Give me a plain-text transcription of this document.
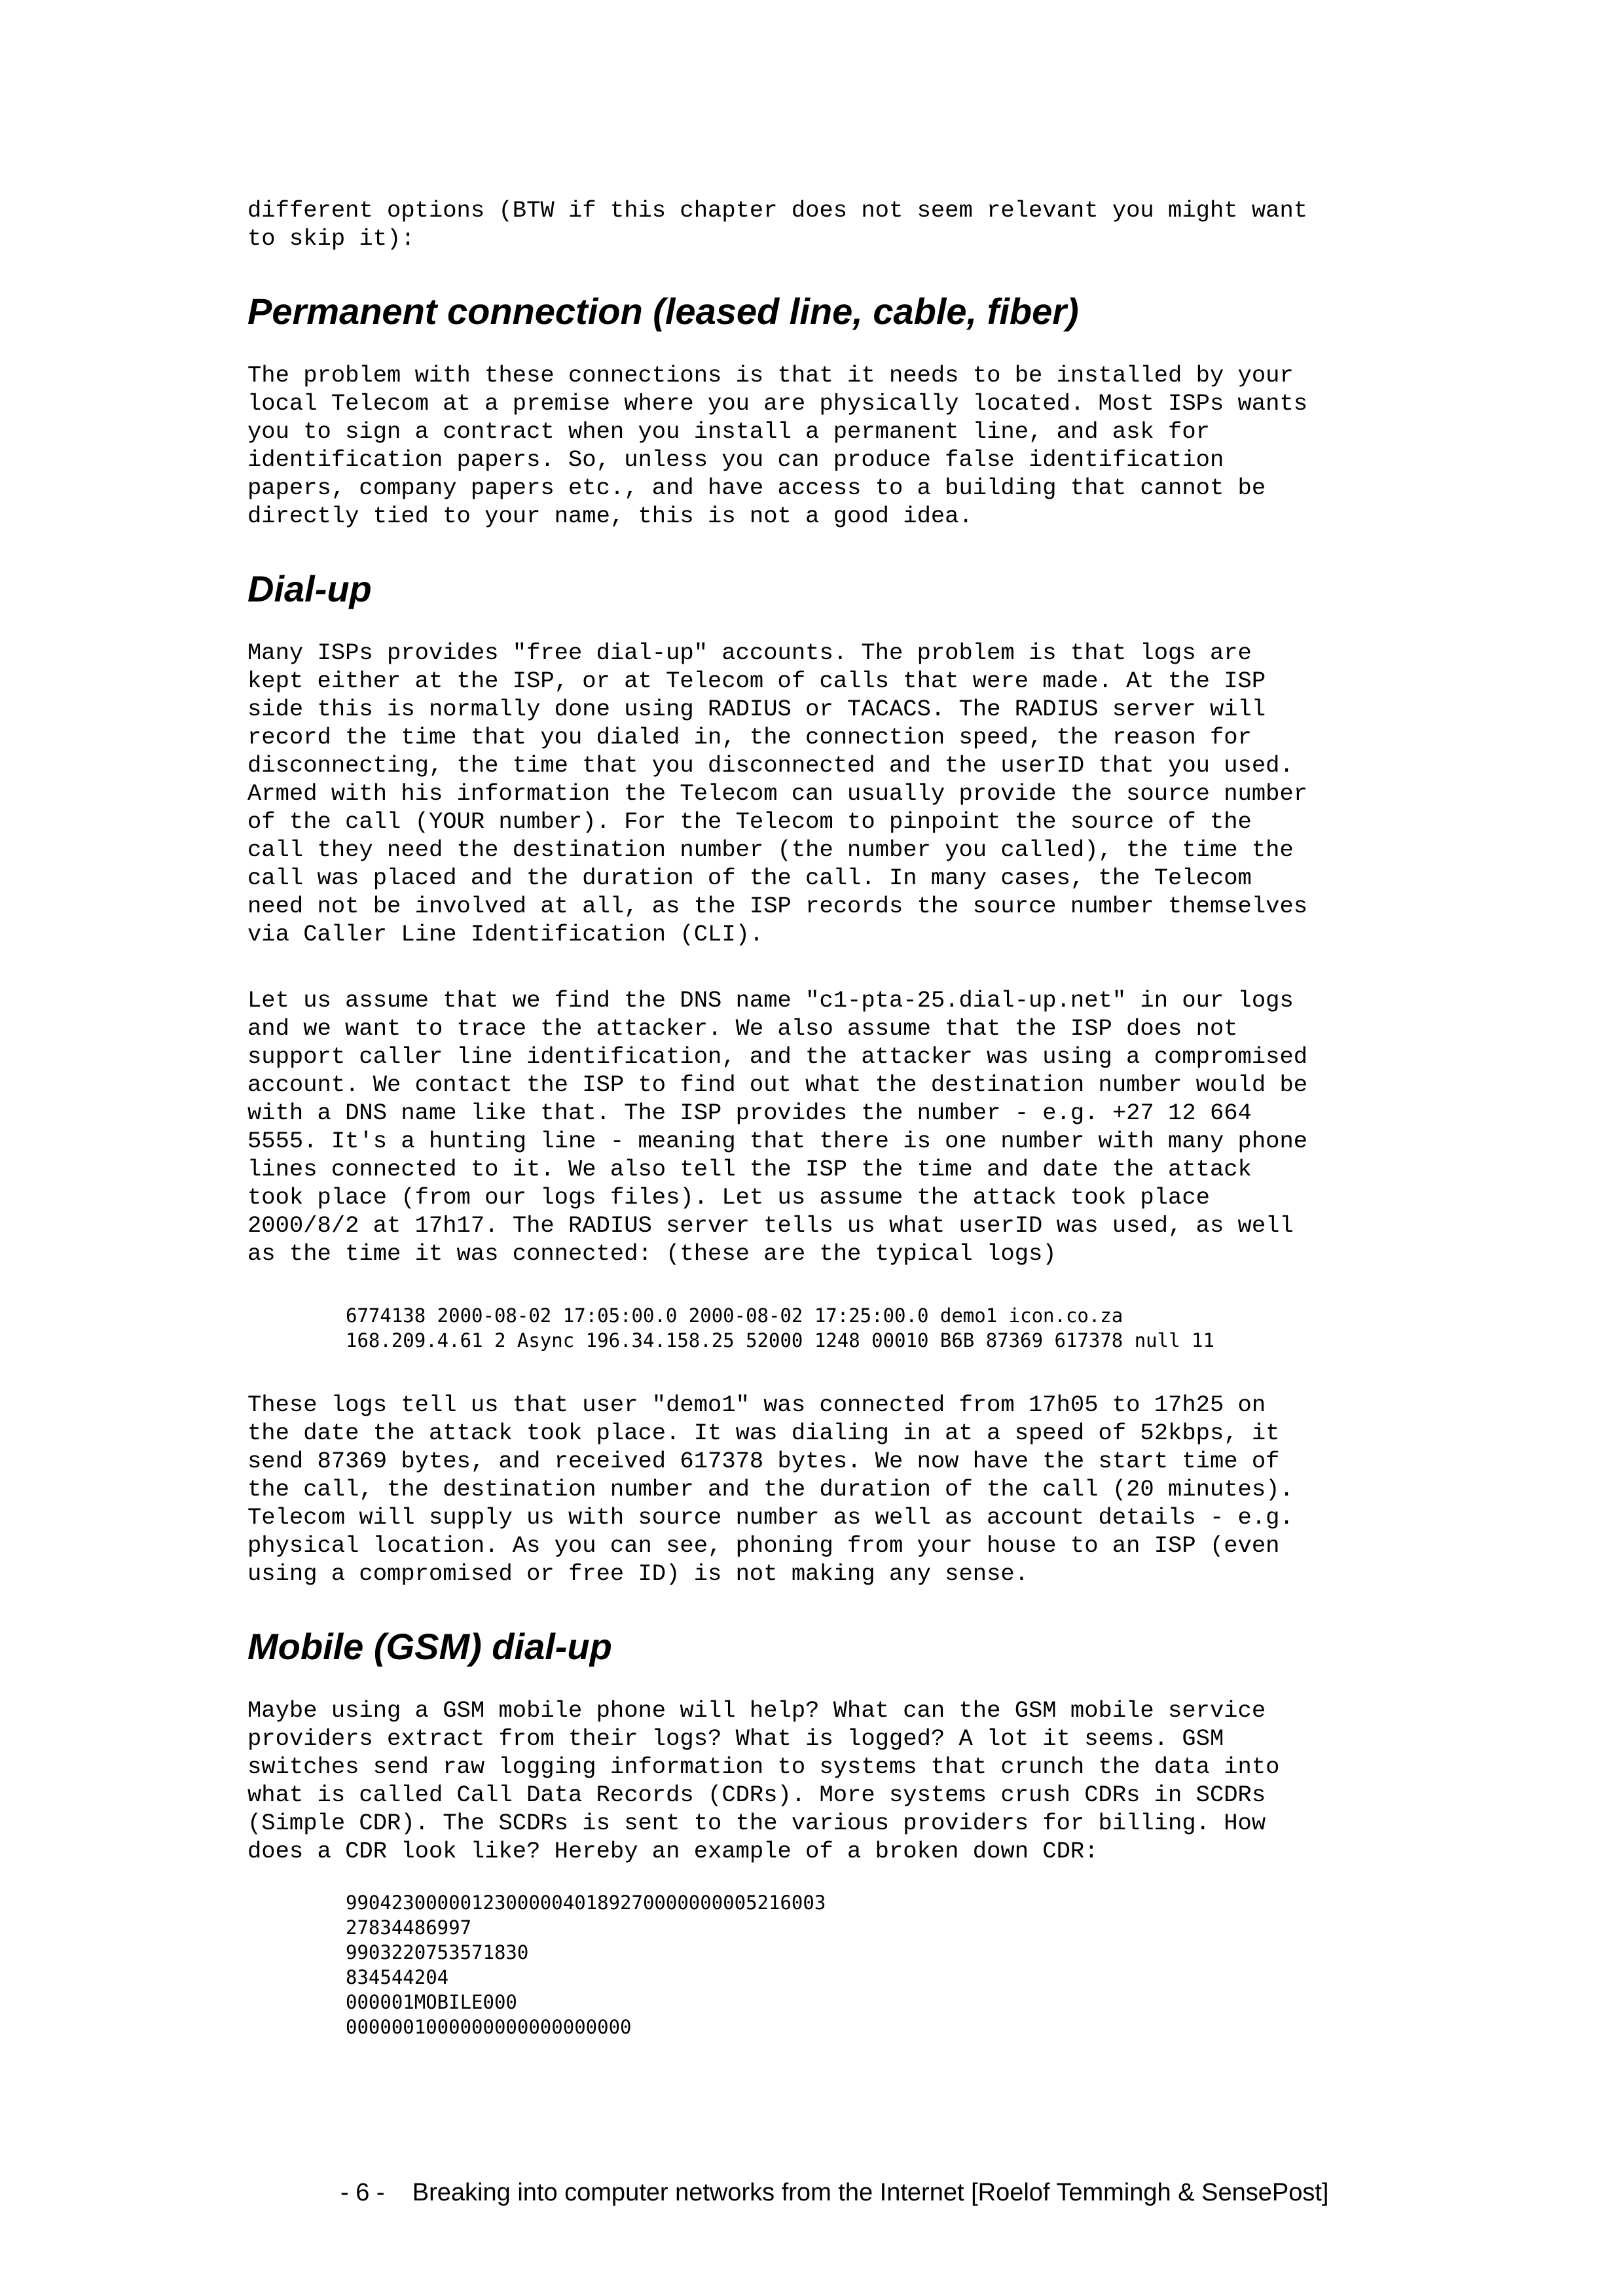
different options (BTW if this chapter does not seem relevant you might want
to skip it):

Permanent connection (leased line, cable, fiber)

The problem with these connections is that it needs to be installed by your
local Telecom at a premise where you are physically located. Most ISPs wants
you to sign a contract when you install a permanent line, and ask for
identification papers. So, unless you can produce false identification
papers, company papers etc., and have access to a building that cannot be
directly tied to your name, this is not a good idea.

Dial-up

Many ISPs provides "free dial-up" accounts. The problem is that logs are
kept either at the ISP, or at Telecom of calls that were made. At the ISP
side this is normally done using RADIUS or TACACS. The RADIUS server will
record the time that you dialed in, the connection speed, the reason for
disconnecting, the time that you disconnected and the userID that you used.
Armed with his information the Telecom can usually provide the source number
of the call (YOUR number). For the Telecom to pinpoint the source of the
call they need the destination number (the number you called), the time the
call was placed and the duration of the call. In many cases, the Telecom
need not be involved at all, as the ISP records the source number themselves
via Caller Line Identification (CLI).

Let us assume that we find the DNS name "c1-pta-25.dial-up.net" in our logs
and we want to trace the attacker. We also assume that the ISP does not
support caller line identification, and the attacker was using a compromised
account. We contact the ISP to find out what the destination number would be
with a DNS name like that. The ISP provides the number - e.g. +27 12 664
5555. It's a hunting line - meaning that there is one number with many phone
lines connected to it. We also tell the ISP the time and date the attack
took place (from our logs files). Let us assume the attack took place
2000/8/2 at 17h17. The RADIUS server tells us what userID was used, as well
as the time it was connected: (these are the typical logs)

6774138 2000-08-02 17:05:00.0 2000-08-02 17:25:00.0 demo1 icon.co.za
168.209.4.61 2 Async 196.34.158.25 52000 1248 00010 B6B 87369 617378 null 11

These logs tell us that user "demo1" was connected from 17h05 to 17h25 on
the date the attack took place. It was dialing in at a speed of 52kbps, it
send 87369 bytes, and received 617378 bytes. We now have the start time of
the call, the destination number and the duration of the call (20 minutes).
Telecom will supply us with source number as well as account details - e.g.
physical location. As you can see, phoning from your house to an ISP (even
using a compromised or free ID) is not making any sense.

Mobile (GSM) dial-up

Maybe using a GSM mobile phone will help? What can the GSM mobile service
providers extract from their logs? What is logged? A lot it seems. GSM
switches send raw logging information to systems that crunch the data into
what is called Call Data Records (CDRs). More systems crush CDRs in SCDRs
(Simple CDR). The SCDRs is sent to the various providers for billing. How
does a CDR look like? Hereby an example of a broken down CDR:

990423000001230000040189270000000005216003
27834486997
9903220753571830
834544204
000001MOBILE000
0000001000000000000000000
- 6 -    Breaking into computer networks from the Internet [Roelof Temmingh & SensePost]
